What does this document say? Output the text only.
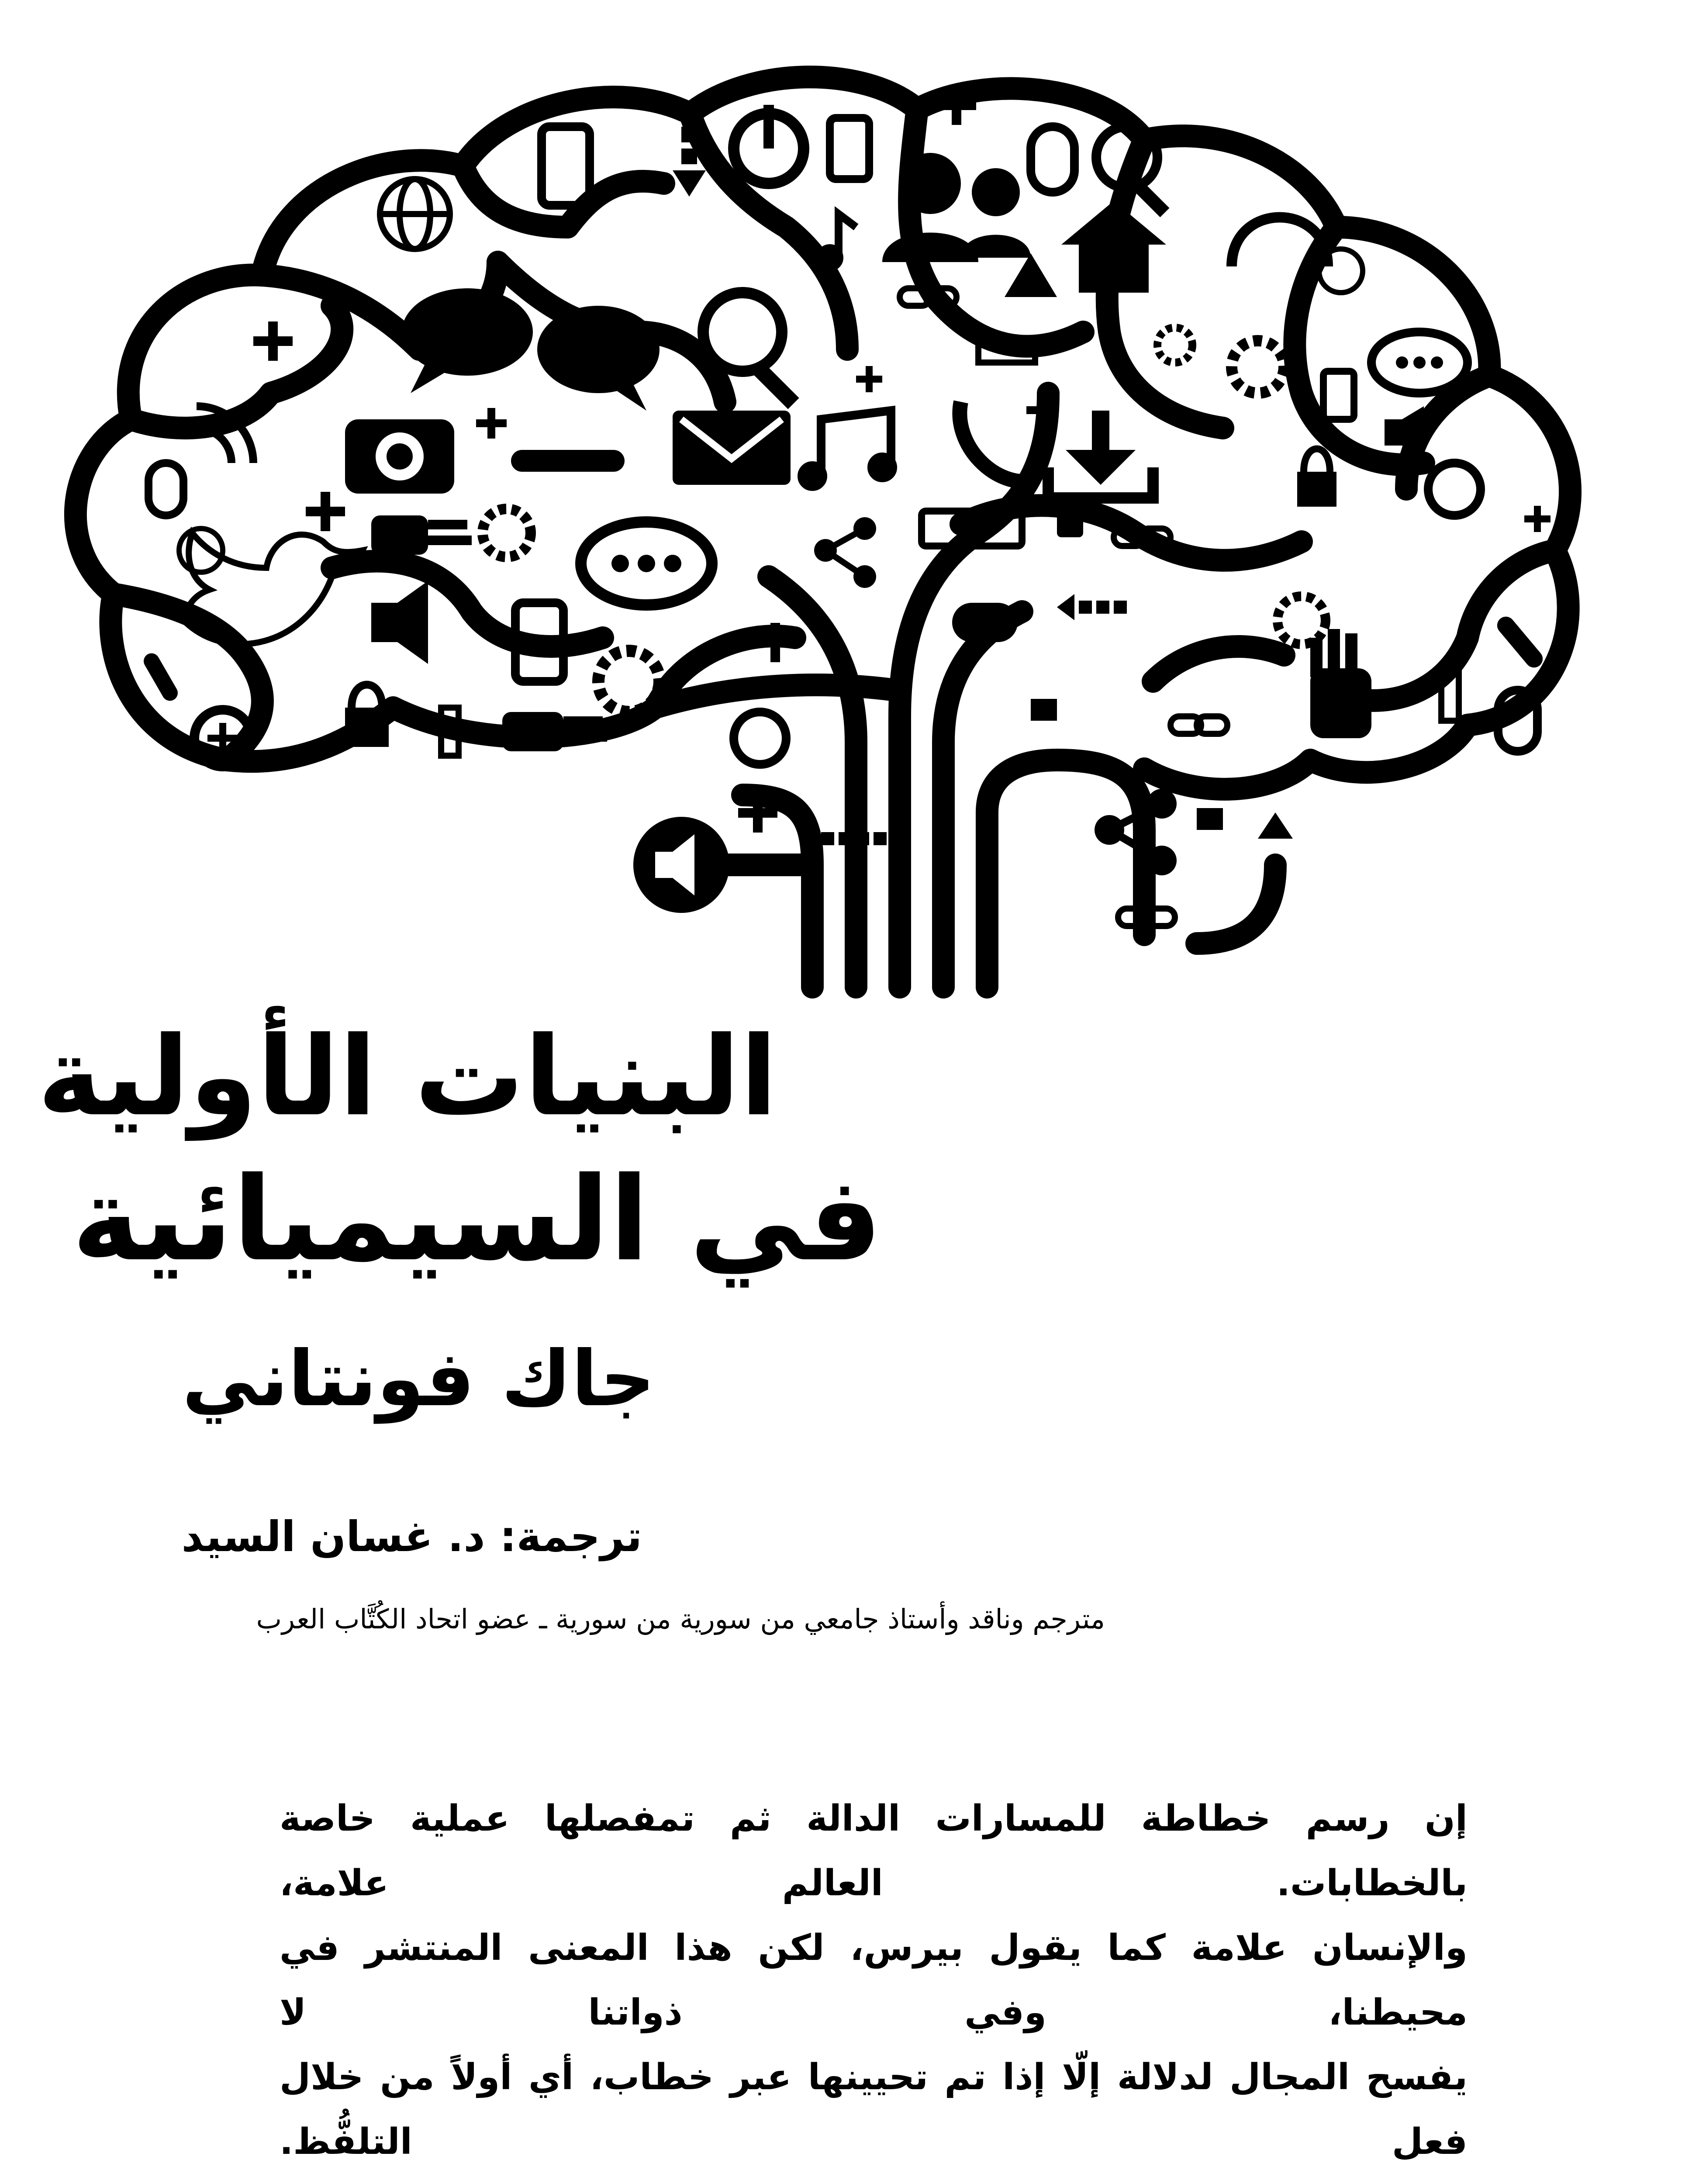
البنيات الأولية
في السيميائية
جاك فونتاني

ترجمة: د. غسان السيد

مترجم وناقد وأستاذ جامعي من سورية من سورية ـ عضو اتحاد الكُتَّاب العرب

إن رسم خطاطة للمسارات الدالة ثم تمفصلها عملية خاصة بالخطابات. العالم علامة،
والإنسان علامة كما يقول بيرس، لكن هذا المعنى المنتشر في محيطنا، وفي ذواتنا لا
يفسح المجال لدلالة إلّا إذا تم تحيينها عبر خطاب، أي أولاً من خلال فعل التلفُّظ.
